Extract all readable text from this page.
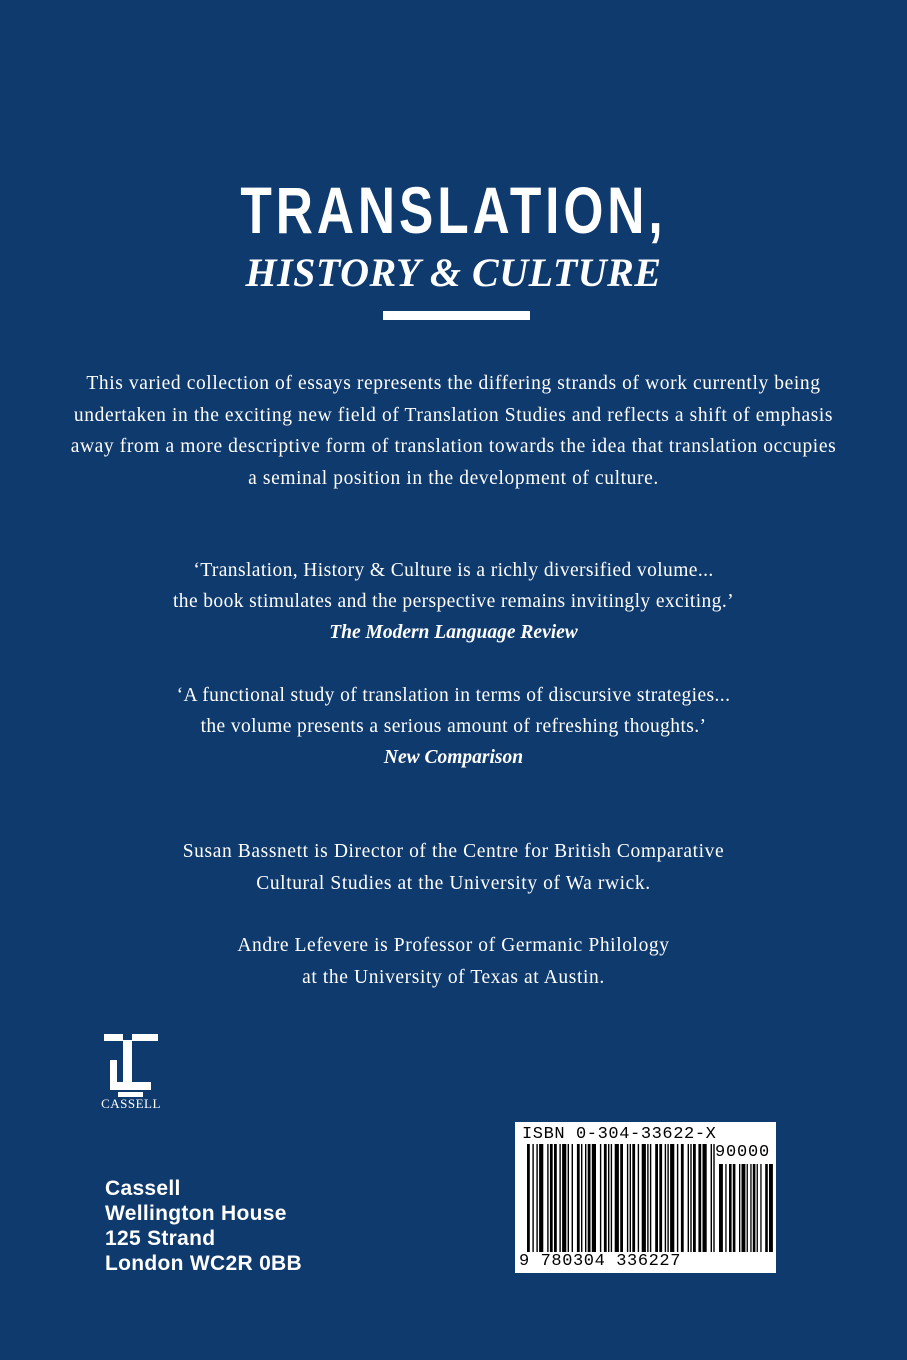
TRANSLATION,
HISTORY & CULTURE

This varied collection of essays represents the differing strands of work currently being undertaken in the exciting new field of Translation Studies and reflects a shift of emphasis away from a more descriptive form of translation towards the idea that translation occupies a seminal position in the development of culture.

‘Translation, History & Culture is a richly diversified volume...
the book stimulates and the perspective remains invitingly exciting.’
The Modern Language Review

‘A functional study of translation in terms of discursive strategies...
the volume presents a serious amount of refreshing thoughts.’
New Comparison

Susan Bassnett is Director of the Centre for British Comparative
Cultural Studies at the University of Wa rwick.

Andre Lefevere is Professor of Germanic Philology
at the University of Texas at Austin.

CASSELL
Cassell
Wellington House
125 Strand
London WC2R 0BB
ISBN 0-304-33622-X
90000
9 780304 336227
